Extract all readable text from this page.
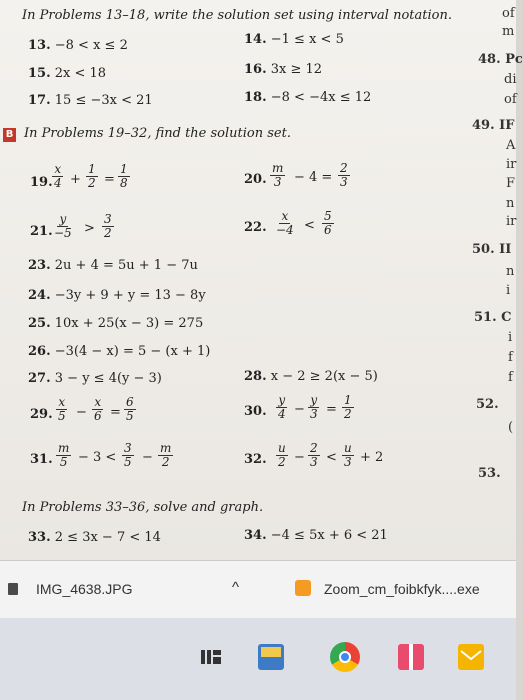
In Problems 13–18, write the solution set using interval notation.
13. −8 < x ≤ 2	14. −1 ≤ x < 5
15. 2x < 18	16. 3x ≥ 12
17. 15 ≤ −3x < 21	18. −8 < −4x ≤ 12
B In Problems 19–32, find the solution set.
19. $\frac{x}{4} + \frac{1}{2} = \frac{1}{8}$	20. $\frac{m}{3} - 4 = \frac{2}{3}$
21. $\frac{y}{-5} > \frac{3}{2}$	22. $\frac{x}{-4} < \frac{5}{6}$
23. 2u + 4 = 5u + 1 − 7u
24. −3y + 9 + y = 13 − 8y
25. 10x + 25(x − 3) = 275
26. −3(4 − x) = 5 − (x + 1)
27. 3 − y ≤ 4(y − 3)	28. x − 2 ≥ 2(x − 5)
29. $\frac{x}{5} - \frac{x}{6} = \frac{6}{5}$	30. $\frac{y}{4} - \frac{y}{3} = \frac{1}{2}$
31. $\frac{m}{5} - 3 < \frac{3}{5} - \frac{m}{2}$	32. $\frac{u}{2} - \frac{2}{3} < \frac{u}{3} + 2$
In Problems 33–36, solve and graph.
33. 2 ≤ 3x − 7 < 14	34. −4 ≤ 5x + 6 < 21
of
m
48. Pc
di
of
49. IF
A
ir
F
n
ir
50. II
n
i
51. C
i
f
f
52.
(
53.
IMG_4638.JPG	^	Zoom_cm_foibkfyk....exe
